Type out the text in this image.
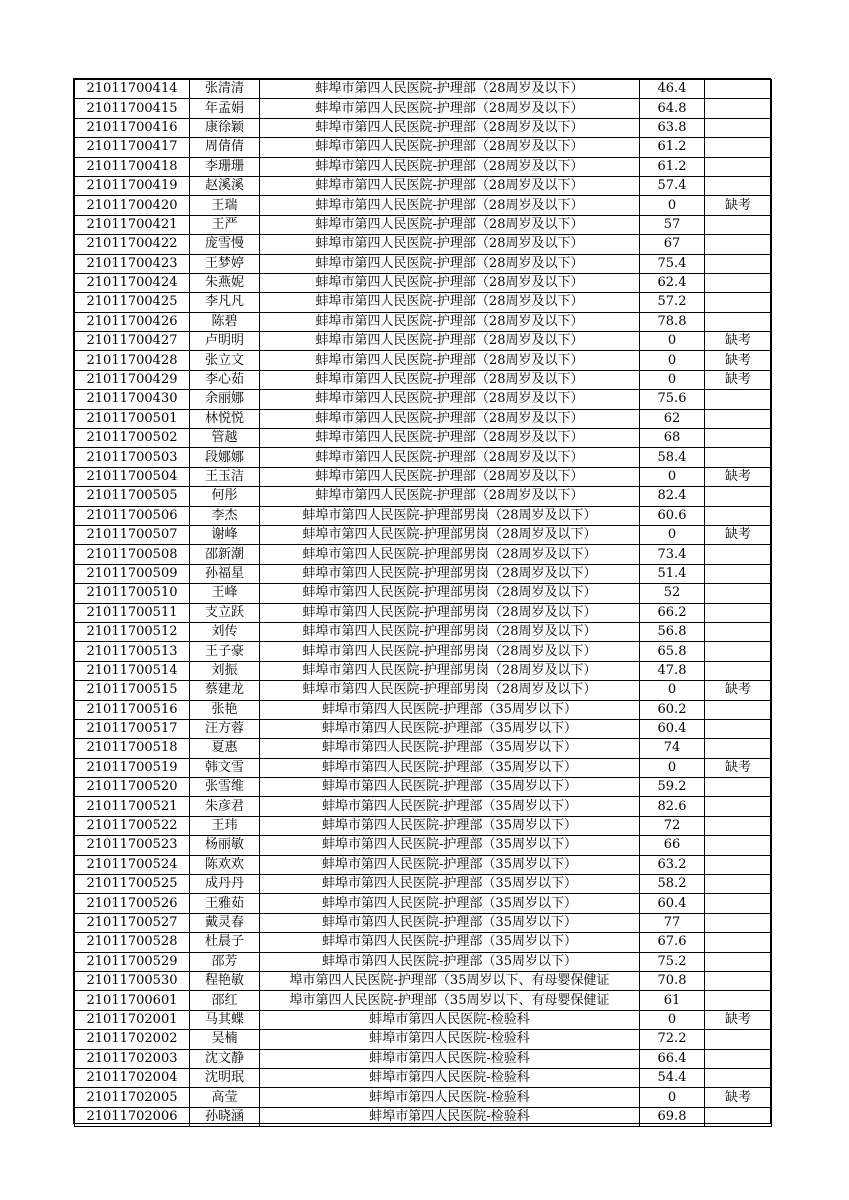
21011700414	张清清	蚌埠市第四人民医院-护理部（28周岁及以下）	46.4	
21011700415	年孟娟	蚌埠市第四人民医院-护理部（28周岁及以下）	64.8	
21011700416	康徐颖	蚌埠市第四人民医院-护理部（28周岁及以下）	63.8	
21011700417	周倩倩	蚌埠市第四人民医院-护理部（28周岁及以下）	61.2	
21011700418	李珊珊	蚌埠市第四人民医院-护理部（28周岁及以下）	61.2	
21011700419	赵溪溪	蚌埠市第四人民医院-护理部（28周岁及以下）	57.4	
21011700420	王瑞	蚌埠市第四人民医院-护理部（28周岁及以下）	0	缺考
21011700421	王严	蚌埠市第四人民医院-护理部（28周岁及以下）	57	
21011700422	庞雪慢	蚌埠市第四人民医院-护理部（28周岁及以下）	67	
21011700423	王梦婷	蚌埠市第四人民医院-护理部（28周岁及以下）	75.4	
21011700424	朱燕妮	蚌埠市第四人民医院-护理部（28周岁及以下）	62.4	
21011700425	李凡凡	蚌埠市第四人民医院-护理部（28周岁及以下）	57.2	
21011700426	陈碧	蚌埠市第四人民医院-护理部（28周岁及以下）	78.8	
21011700427	卢明明	蚌埠市第四人民医院-护理部（28周岁及以下）	0	缺考
21011700428	张立文	蚌埠市第四人民医院-护理部（28周岁及以下）	0	缺考
21011700429	李心茹	蚌埠市第四人民医院-护理部（28周岁及以下）	0	缺考
21011700430	余丽娜	蚌埠市第四人民医院-护理部（28周岁及以下）	75.6	
21011700501	林悦悦	蚌埠市第四人民医院-护理部（28周岁及以下）	62	
21011700502	管越	蚌埠市第四人民医院-护理部（28周岁及以下）	68	
21011700503	段娜娜	蚌埠市第四人民医院-护理部（28周岁及以下）	58.4	
21011700504	王玉洁	蚌埠市第四人民医院-护理部（28周岁及以下）	0	缺考
21011700505	何彤	蚌埠市第四人民医院-护理部（28周岁及以下）	82.4	
21011700506	李杰	蚌埠市第四人民医院-护理部男岗（28周岁及以下）	60.6	
21011700507	谢峰	蚌埠市第四人民医院-护理部男岗（28周岁及以下）	0	缺考
21011700508	邵新潮	蚌埠市第四人民医院-护理部男岗（28周岁及以下）	73.4	
21011700509	孙福星	蚌埠市第四人民医院-护理部男岗（28周岁及以下）	51.4	
21011700510	王峰	蚌埠市第四人民医院-护理部男岗（28周岁及以下）	52	
21011700511	支立跃	蚌埠市第四人民医院-护理部男岗（28周岁及以下）	66.2	
21011700512	刘传	蚌埠市第四人民医院-护理部男岗（28周岁及以下）	56.8	
21011700513	王子豪	蚌埠市第四人民医院-护理部男岗（28周岁及以下）	65.8	
21011700514	刘振	蚌埠市第四人民医院-护理部男岗（28周岁及以下）	47.8	
21011700515	蔡建龙	蚌埠市第四人民医院-护理部男岗（28周岁及以下）	0	缺考
21011700516	张艳	蚌埠市第四人民医院-护理部（35周岁以下）	60.2	
21011700517	汪方蓉	蚌埠市第四人民医院-护理部（35周岁以下）	60.4	
21011700518	夏惠	蚌埠市第四人民医院-护理部（35周岁以下）	74	
21011700519	韩文雪	蚌埠市第四人民医院-护理部（35周岁以下）	0	缺考
21011700520	张雪维	蚌埠市第四人民医院-护理部（35周岁以下）	59.2	
21011700521	朱彦君	蚌埠市第四人民医院-护理部（35周岁以下）	82.6	
21011700522	王玮	蚌埠市第四人民医院-护理部（35周岁以下）	72	
21011700523	杨丽敏	蚌埠市第四人民医院-护理部（35周岁以下）	66	
21011700524	陈欢欢	蚌埠市第四人民医院-护理部（35周岁以下）	63.2	
21011700525	成丹丹	蚌埠市第四人民医院-护理部（35周岁以下）	58.2	
21011700526	王雅茹	蚌埠市第四人民医院-护理部（35周岁以下）	60.4	
21011700527	戴灵春	蚌埠市第四人民医院-护理部（35周岁以下）	77	
21011700528	杜晨子	蚌埠市第四人民医院-护理部（35周岁以下）	67.6	
21011700529	邵芳	蚌埠市第四人民医院-护理部（35周岁以下）	75.2	
21011700530	程艳敏	埠市第四人民医院-护理部（35周岁以下、有母婴保健证	70.8	
21011700601	邵红	埠市第四人民医院-护理部（35周岁以下、有母婴保健证	61	
21011702001	马其蝶	蚌埠市第四人民医院-检验科	0	缺考
21011702002	吴楠	蚌埠市第四人民医院-检验科	72.2	
21011702003	沈文静	蚌埠市第四人民医院-检验科	66.4	
21011702004	沈明珉	蚌埠市第四人民医院-检验科	54.4	
21011702005	高莹	蚌埠市第四人民医院-检验科	0	缺考
21011702006	孙晓涵	蚌埠市第四人民医院-检验科	69.8	
